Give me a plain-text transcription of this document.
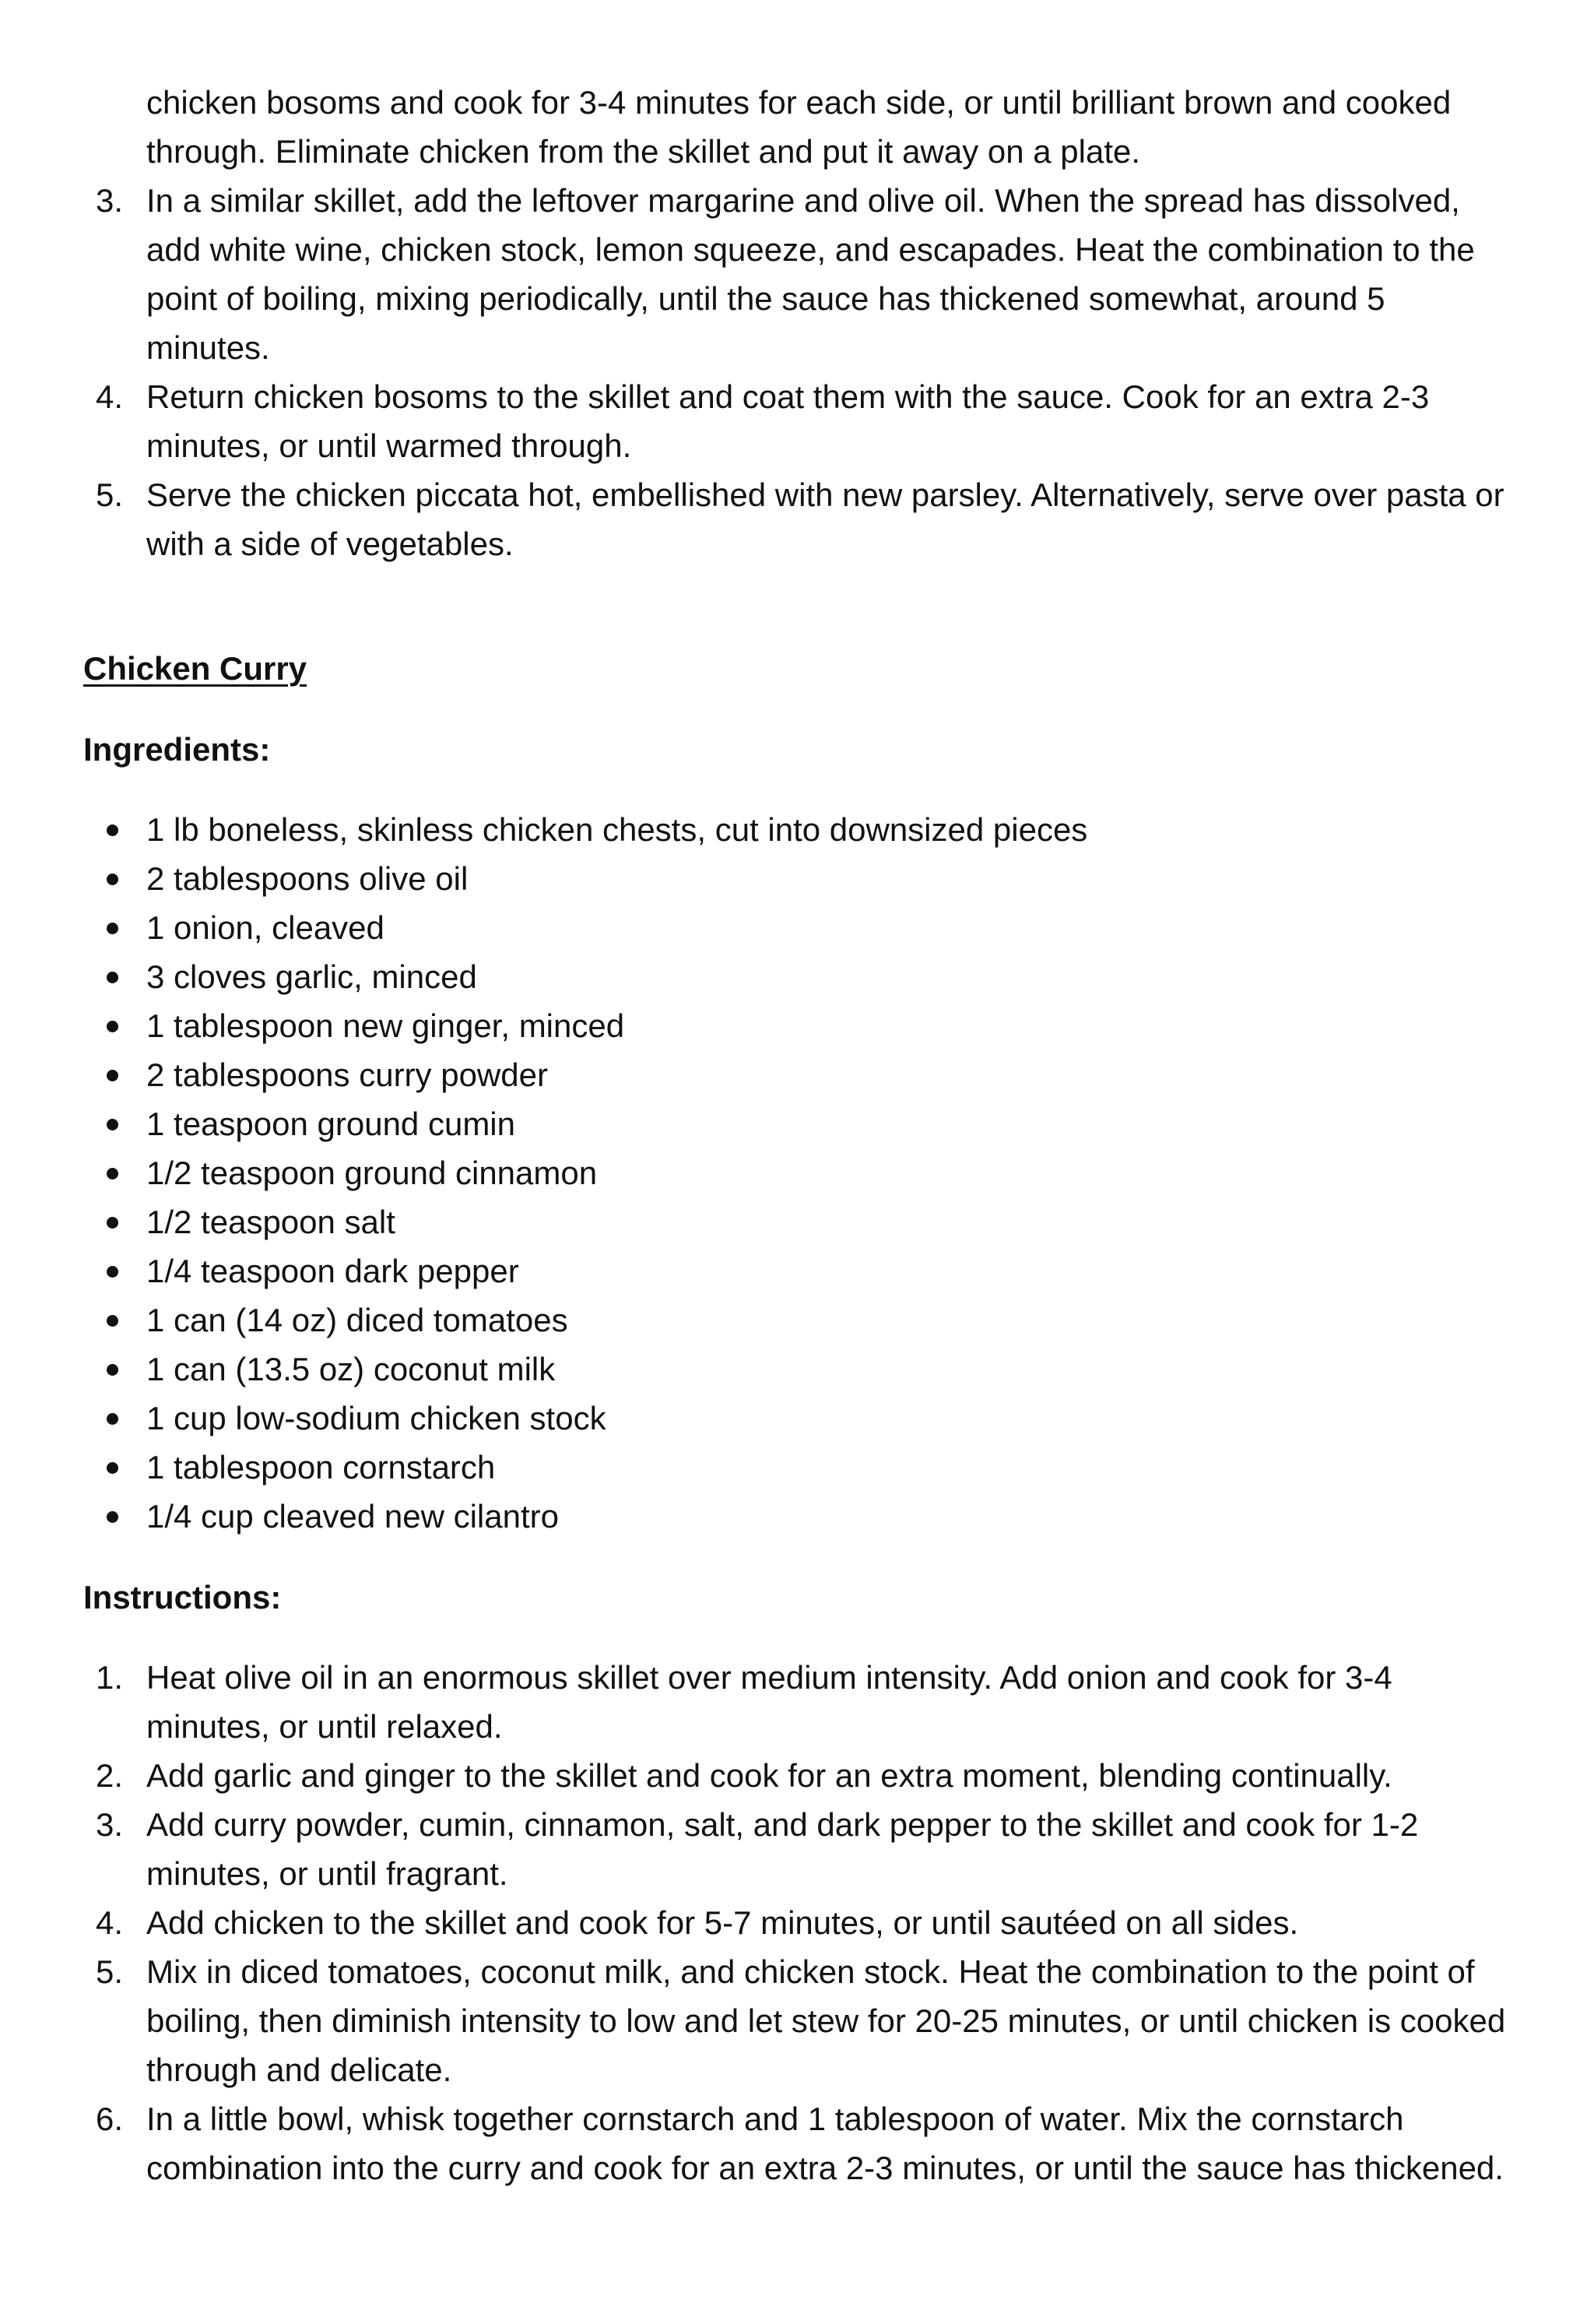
chicken bosoms and cook for 3-4 minutes for each side, or until brilliant brown and cooked through. Eliminate chicken from the skillet and put it away on a plate.
3. In a similar skillet, add the leftover margarine and olive oil. When the spread has dissolved, add white wine, chicken stock, lemon squeeze, and escapades. Heat the combination to the point of boiling, mixing periodically, until the sauce has thickened somewhat, around 5 minutes.
4. Return chicken bosoms to the skillet and coat them with the sauce. Cook for an extra 2-3 minutes, or until warmed through.
5. Serve the chicken piccata hot, embellished with new parsley. Alternatively, serve over pasta or with a side of vegetables.
Chicken Curry
Ingredients:
1 lb boneless, skinless chicken chests, cut into downsized pieces
2 tablespoons olive oil
1 onion, cleaved
3 cloves garlic, minced
1 tablespoon new ginger, minced
2 tablespoons curry powder
1 teaspoon ground cumin
1/2 teaspoon ground cinnamon
1/2 teaspoon salt
1/4 teaspoon dark pepper
1 can (14 oz) diced tomatoes
1 can (13.5 oz) coconut milk
1 cup low-sodium chicken stock
1 tablespoon cornstarch
1/4 cup cleaved new cilantro
Instructions:
1. Heat olive oil in an enormous skillet over medium intensity. Add onion and cook for 3-4 minutes, or until relaxed.
2. Add garlic and ginger to the skillet and cook for an extra moment, blending continually.
3. Add curry powder, cumin, cinnamon, salt, and dark pepper to the skillet and cook for 1-2 minutes, or until fragrant.
4. Add chicken to the skillet and cook for 5-7 minutes, or until sautéed on all sides.
5. Mix in diced tomatoes, coconut milk, and chicken stock. Heat the combination to the point of boiling, then diminish intensity to low and let stew for 20-25 minutes, or until chicken is cooked through and delicate.
6. In a little bowl, whisk together cornstarch and 1 tablespoon of water. Mix the cornstarch combination into the curry and cook for an extra 2-3 minutes, or until the sauce has thickened.
